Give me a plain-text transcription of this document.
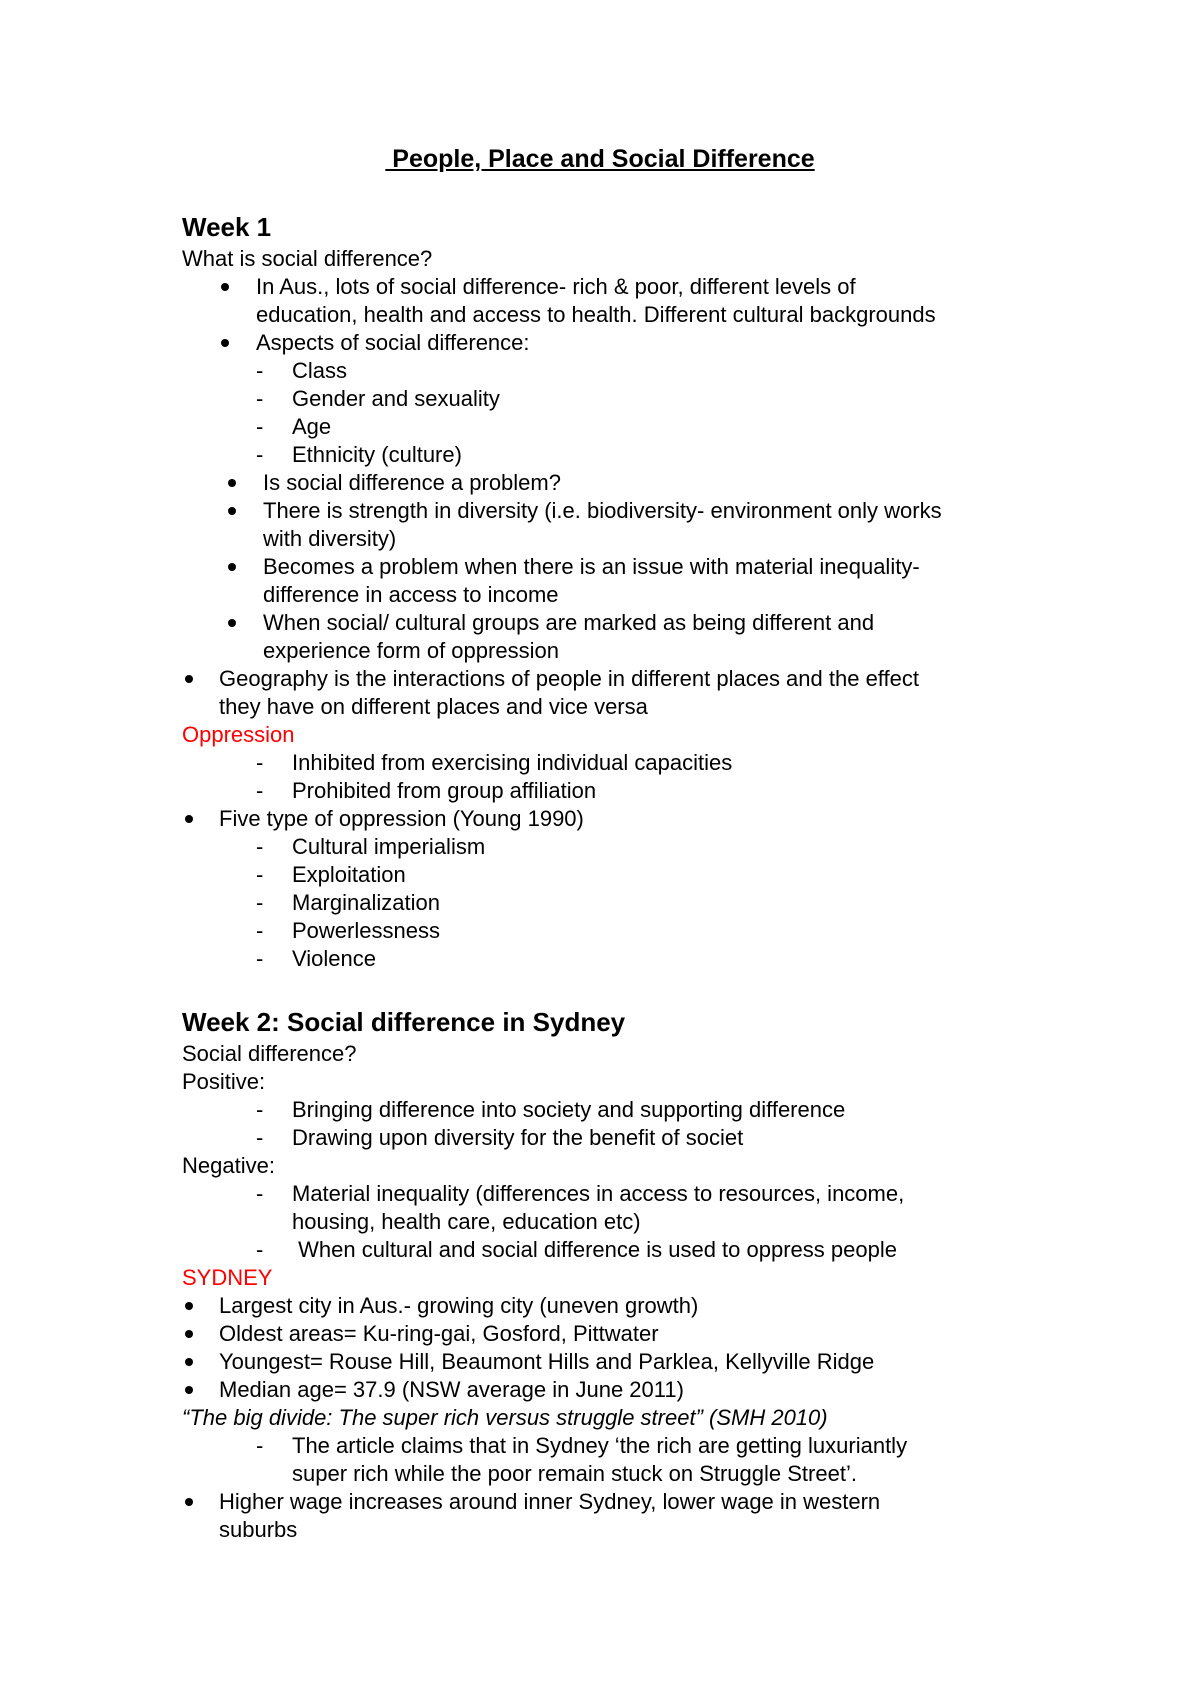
People, Place and Social Difference
Week 1
What is social difference?
In Aus., lots of social difference- rich & poor, different levels of
education, health and access to health. Different cultural backgrounds
Aspects of social difference:
- Class
- Gender and sexuality
- Age
- Ethnicity (culture)
Is social difference a problem?
There is strength in diversity (i.e. biodiversity- environment only works
with diversity)
Becomes a problem when there is an issue with material inequality-
difference in access to income
When social/ cultural groups are marked as being different and
experience form of oppression
Geography is the interactions of people in different places and the effect
they have on different places and vice versa
Oppression
- Inhibited from exercising individual capacities
- Prohibited from group affiliation
Five type of oppression (Young 1990)
- Cultural imperialism
- Exploitation
- Marginalization
- Powerlessness
- Violence
Week 2: Social difference in Sydney
Social difference?
Positive:
- Bringing difference into society and supporting difference
- Drawing upon diversity for the benefit of societ
Negative:
- Material inequality (differences in access to resources, income,
housing, health care, education etc)
- When cultural and social difference is used to oppress people
SYDNEY
Largest city in Aus.- growing city (uneven growth)
Oldest areas= Ku-ring-gai, Gosford, Pittwater
Youngest= Rouse Hill, Beaumont Hills and Parklea, Kellyville Ridge
Median age= 37.9 (NSW average in June 2011)
“The big divide: The super rich versus struggle street” (SMH 2010)
- The article claims that in Sydney ‘the rich are getting luxuriantly
super rich while the poor remain stuck on Struggle Street’.
Higher wage increases around inner Sydney, lower wage in western
suburbs
